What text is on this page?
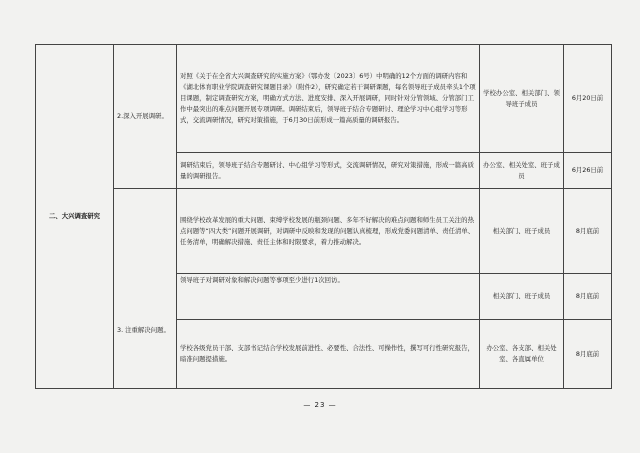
二、大兴调查研究	2.深入开展调研。	对照《关于在全省大兴调查研究的实施方案》（鄂办发〔2023〕6号）中明确的12个方面的调研内容和《湖北体育职业学院调查研究课题目录》（附件2），研究确定若干调研课题，每名领导班子成员牵头1个项目课题，制定调查研究方案，明确方式方法、进度安排、深入开展调研，同时针对分管领域、分管部门工作中最突出的难点问题开展专项调研。调研结束后，领导班子结合专题研讨、理论学习中心组学习等形式，交流调研情况，研究对策措施，于6月30日前形成一篇高质量的调研报告。	学校办公室、相关部门、领导班子成员	6月20日前
		调研结束后，领导班子结合专题研讨、中心组学习等形式，交流调研情况，研究对策措施，形成一篇高质量的调研报告。	办公室、相关处室、班子成员	6月26日前
		围绕学校改革发展的重大问题、束缚学校发展的瓶颈问题、多年不好解决的难点问题和师生员工关注的热点问题等“四大类”问题开展调研，对调研中反映和发现的问题认真梳理，形成党委问题清单、责任清单、任务清单，明确解决措施、责任主体和时限要求，着力推动解决。	相关部门、班子成员	8月底前
	3. 注重解决问题。	领导班子对调研对象和解决问题等事项至少进行1次回访。	相关部门、班子成员	8月底前
		学校各级党员干部、支部书记结合学校发展前进性、必要性、合法性、可操作性，撰写可行性研究报告，暗准问题提措施。	办公室、各支部、相关处室、各直属单位	8月底前
— 23 —
